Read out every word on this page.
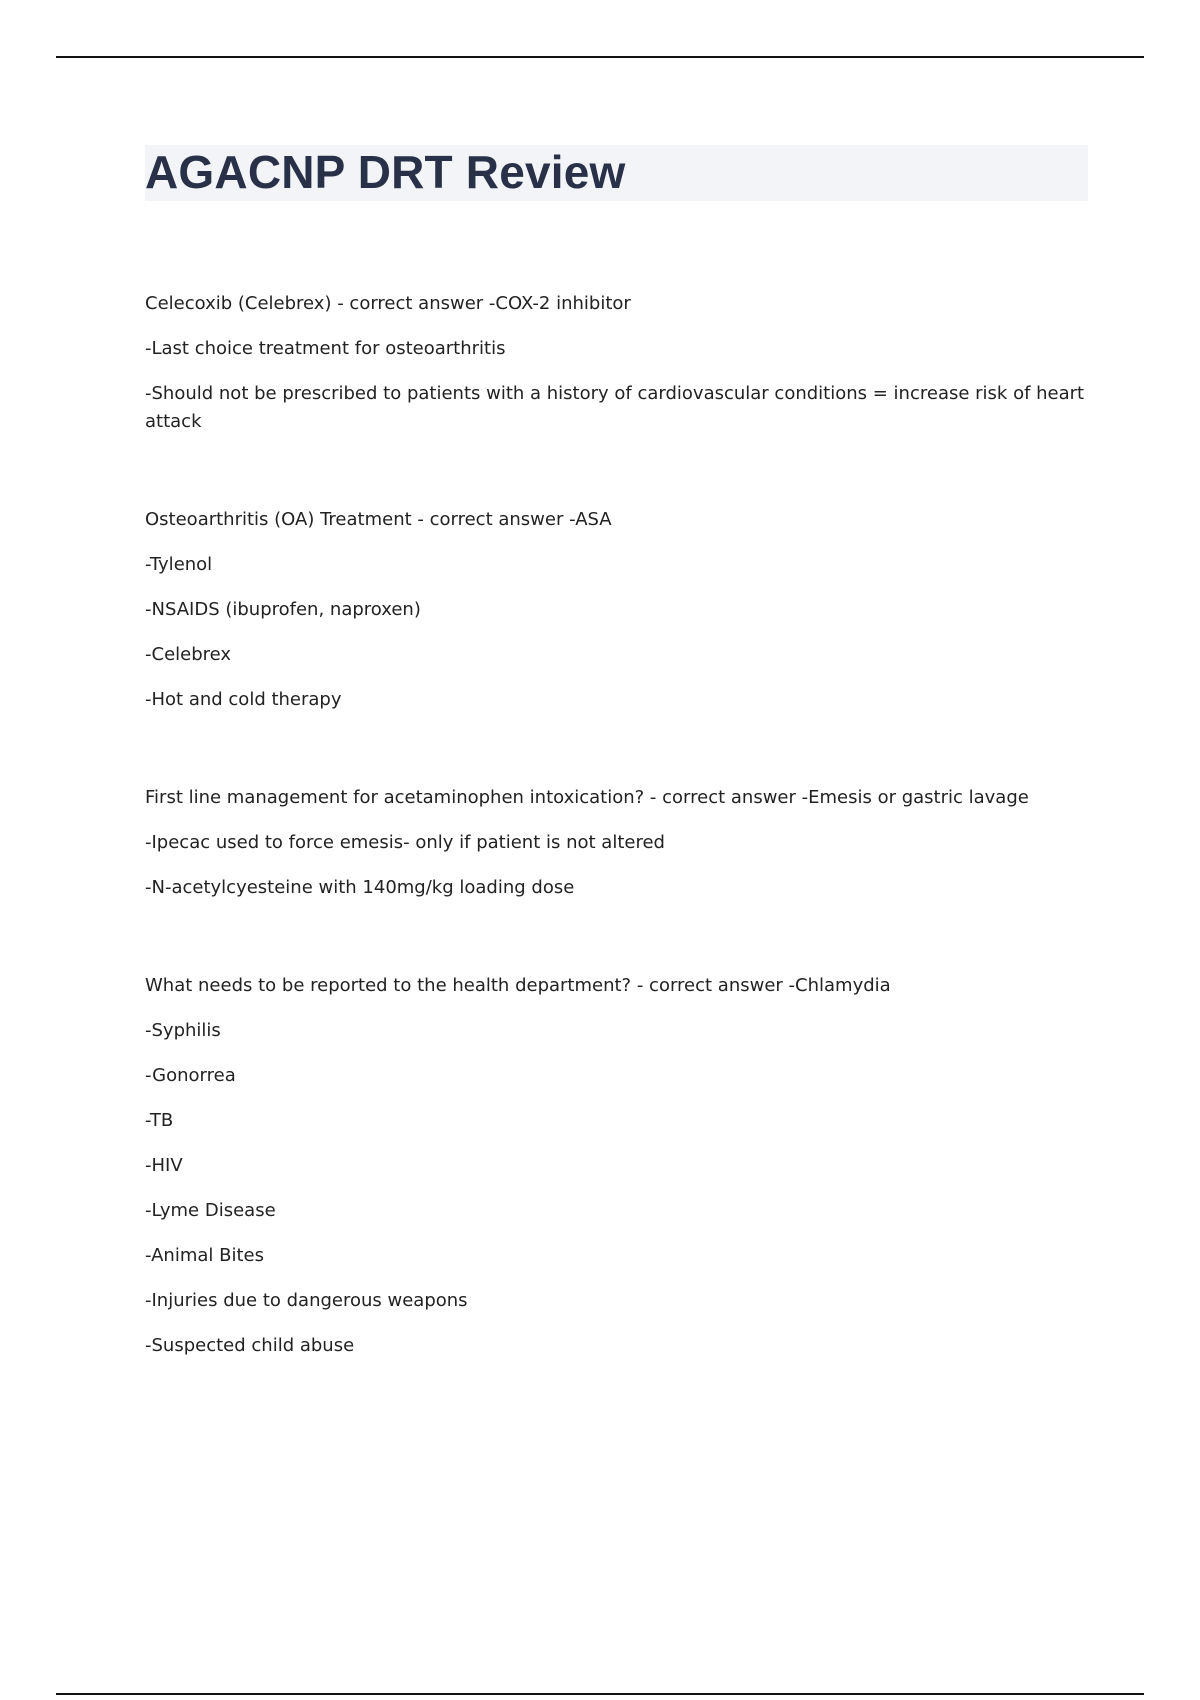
AGACNP DRT Review

Celecoxib (Celebrex) - correct answer -COX-2 inhibitor

-Last choice treatment for osteoarthritis

-Should not be prescribed to patients with a history of cardiovascular conditions = increase risk of heart attack

Osteoarthritis (OA) Treatment - correct answer -ASA

-Tylenol

-NSAIDS (ibuprofen, naproxen)

-Celebrex

-Hot and cold therapy

First line management for acetaminophen intoxication? - correct answer -Emesis or gastric lavage

-Ipecac used to force emesis- only if patient is not altered

-N-acetylcyesteine with 140mg/kg loading dose

What needs to be reported to the health department? - correct answer -Chlamydia

-Syphilis

-Gonorrea

-TB

-HIV

-Lyme Disease

-Animal Bites

-Injuries due to dangerous weapons

-Suspected child abuse
